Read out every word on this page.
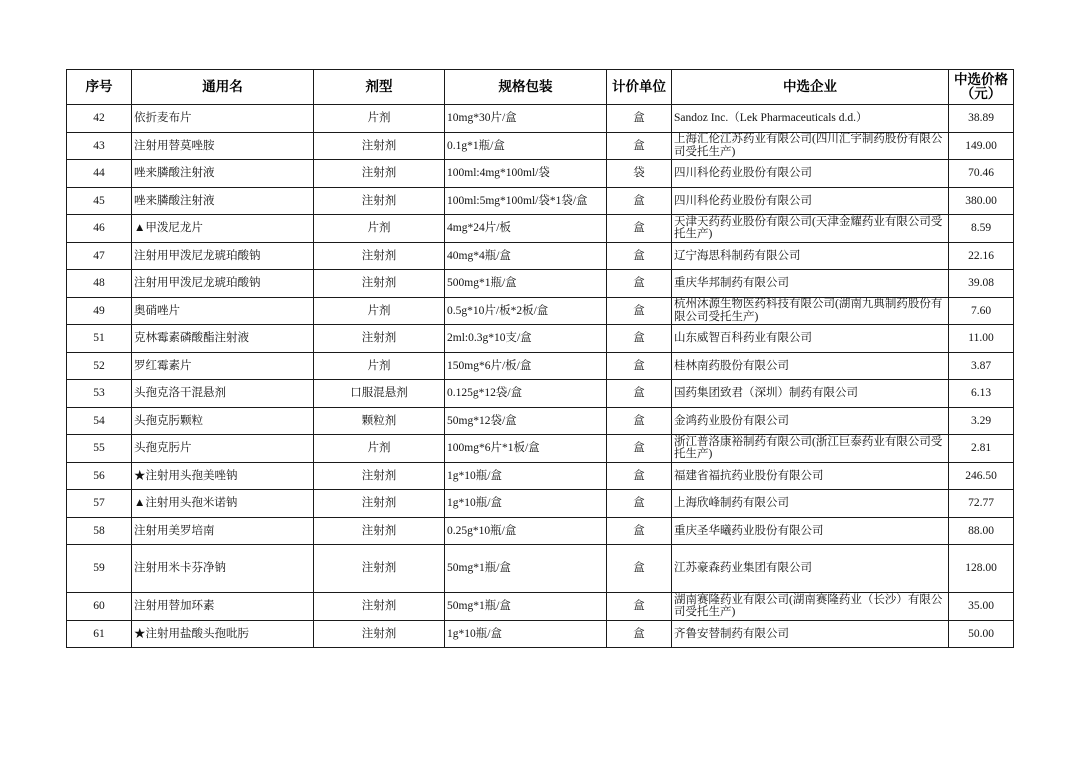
序号	通用名	剂型	规格包装	计价单位	中选企业	中选价格（元）
42	依折麦布片	片剂	10mg*30片/盒	盒	Sandoz Inc.（Lek Pharmaceuticals d.d.）	38.89
43	注射用替莫唑胺	注射剂	0.1g*1瓶/盒	盒	上海汇伦江苏药业有限公司(四川汇宇制药股份有限公司受托生产)	149.00
44	唑来膦酸注射液	注射剂	100ml:4mg*100ml/袋	袋	四川科伦药业股份有限公司	70.46
45	唑来膦酸注射液	注射剂	100ml:5mg*100ml/袋*1袋/盒	盒	四川科伦药业股份有限公司	380.00
46	▲甲泼尼龙片	片剂	4mg*24片/板	盒	天津天药药业股份有限公司(天津金耀药业有限公司受托生产)	8.59
47	注射用甲泼尼龙琥珀酸钠	注射剂	40mg*4瓶/盒	盒	辽宁海思科制药有限公司	22.16
48	注射用甲泼尼龙琥珀酸钠	注射剂	500mg*1瓶/盒	盒	重庆华邦制药有限公司	39.08
49	奥硝唑片	片剂	0.5g*10片/板*2板/盒	盒	杭州沐源生物医药科技有限公司(湖南九典制药股份有限公司受托生产)	7.60
51	克林霉素磷酸酯注射液	注射剂	2ml:0.3g*10支/盒	盒	山东威智百科药业有限公司	11.00
52	罗红霉素片	片剂	150mg*6片/板/盒	盒	桂林南药股份有限公司	3.87
53	头孢克洛干混悬剂	口服混悬剂	0.125g*12袋/盒	盒	国药集团致君（深圳）制药有限公司	6.13
54	头孢克肟颗粒	颗粒剂	50mg*12袋/盒	盒	金鸿药业股份有限公司	3.29
55	头孢克肟片	片剂	100mg*6片*1板/盒	盒	浙江普洛康裕制药有限公司(浙江巨泰药业有限公司受托生产)	2.81
56	★注射用头孢美唑钠	注射剂	1g*10瓶/盒	盒	福建省福抗药业股份有限公司	246.50
57	▲注射用头孢米诺钠	注射剂	1g*10瓶/盒	盒	上海欣峰制药有限公司	72.77
58	注射用美罗培南	注射剂	0.25g*10瓶/盒	盒	重庆圣华曦药业股份有限公司	88.00
59	注射用米卡芬净钠	注射剂	50mg*1瓶/盒	盒	江苏豪森药业集团有限公司	128.00
60	注射用替加环素	注射剂	50mg*1瓶/盒	盒	湖南赛隆药业有限公司(湖南赛隆药业（长沙）有限公司受托生产)	35.00
61	★注射用盐酸头孢吡肟	注射剂	1g*10瓶/盒	盒	齐鲁安替制药有限公司	50.00
